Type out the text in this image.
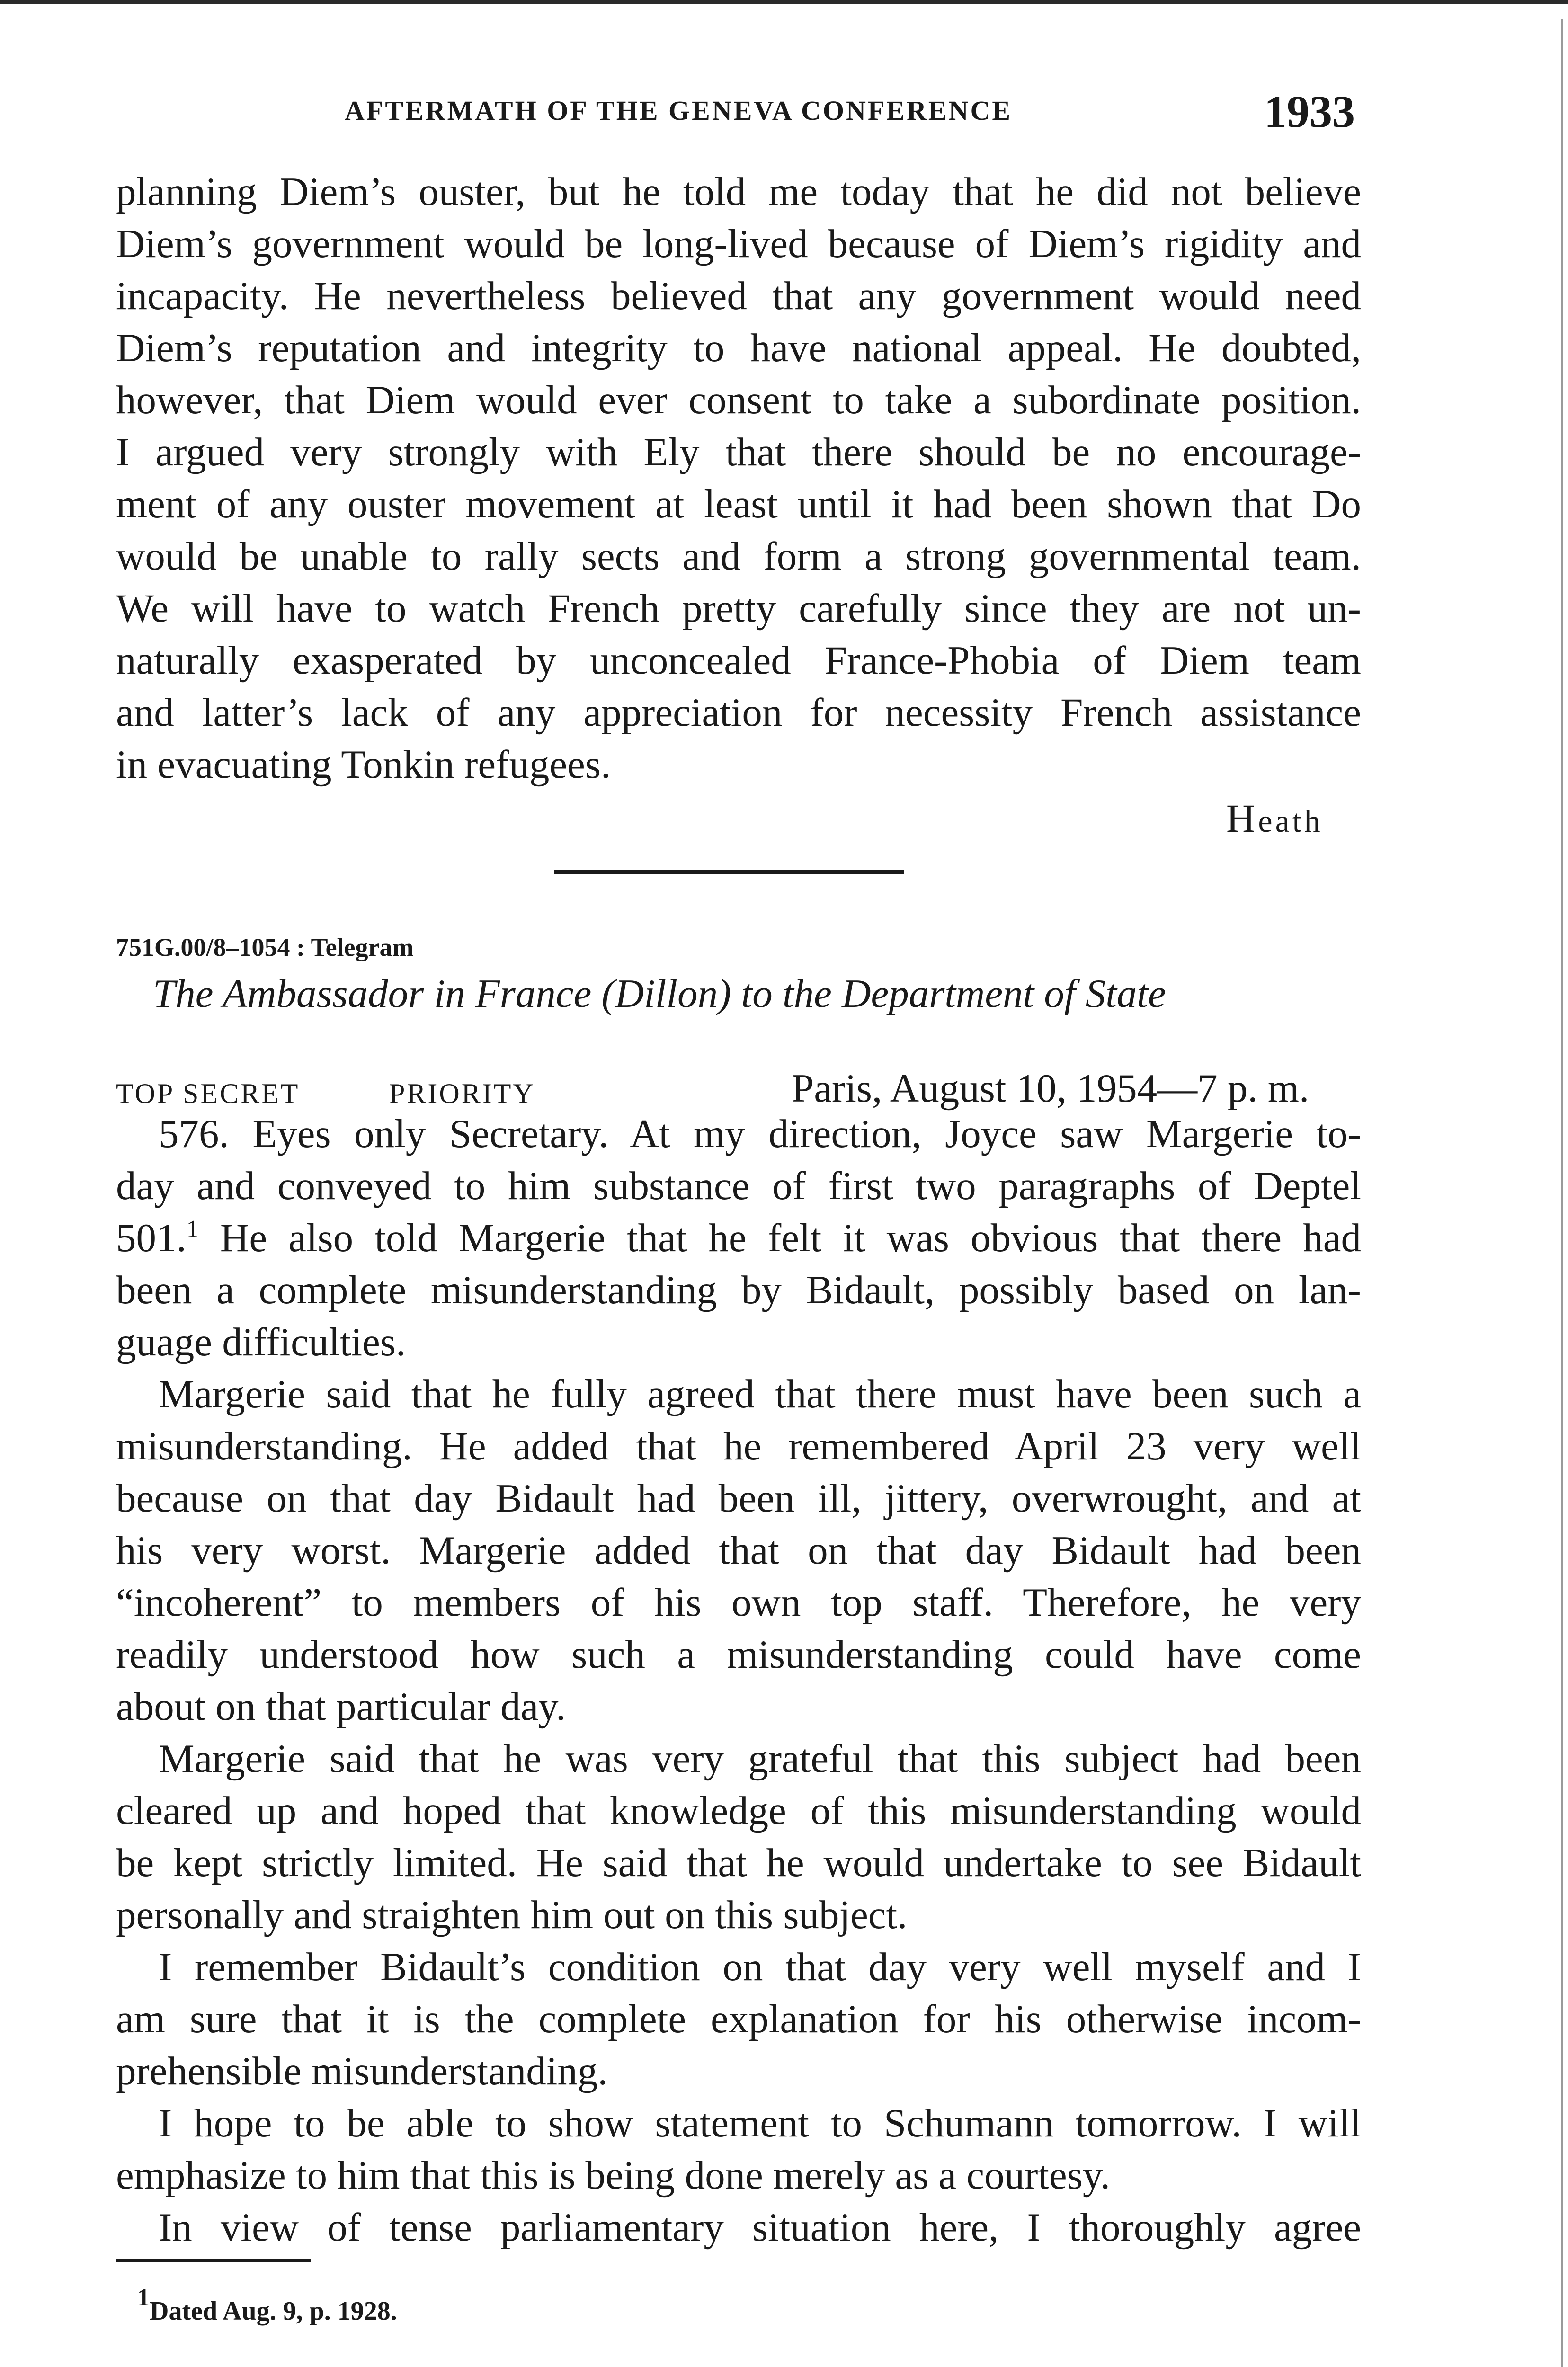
AFTERMATH OF THE GENEVA CONFERENCE	1933
planning Diem’s ouster, but he told me today that he did not believe
Diem’s government would be long-lived because of Diem’s rigidity and
incapacity. He nevertheless believed that any government would need
Diem’s reputation and integrity to have national appeal. He doubted,
however, that Diem would ever consent to take a subordinate position.
I argued very strongly with Ely that there should be no encourage-
ment of any ouster movement at least until it had been shown that Do
would be unable to rally sects and form a strong governmental team.
We will have to watch French pretty carefully since they are not un-
naturally exasperated by unconcealed France-Phobia of Diem team
and latter’s lack of any appreciation for necessity French assistance
in evacuating Tonkin refugees.
Heath
751G.00/8–1054 : Telegram
The Ambassador in France (Dillon) to the Department of State
TOP SECRET	PRIORITY	Paris, August 10, 1954—7 p. m.
576. Eyes only Secretary. At my direction, Joyce saw Margerie to-
day and conveyed to him substance of first two paragraphs of Deptel
501.$^1$ He also told Margerie that he felt it was obvious that there had
been a complete misunderstanding by Bidault, possibly based on lan-
guage difficulties.
Margerie said that he fully agreed that there must have been such a
misunderstanding. He added that he remembered April 23 very well
because on that day Bidault had been ill, jittery, overwrought, and at
his very worst. Margerie added that on that day Bidault had been
“incoherent” to members of his own top staff. Therefore, he very
readily understood how such a misunderstanding could have come
about on that particular day.
Margerie said that he was very grateful that this subject had been
cleared up and hoped that knowledge of this misunderstanding would
be kept strictly limited. He said that he would undertake to see Bidault
personally and straighten him out on this subject.
I remember Bidault’s condition on that day very well myself and I
am sure that it is the complete explanation for his otherwise incom-
prehensible misunderstanding.
I hope to be able to show statement to Schumann tomorrow. I will
emphasize to him that this is being done merely as a courtesy.
In view of tense parliamentary situation here, I thoroughly agree
1Dated Aug. 9, p. 1928.
